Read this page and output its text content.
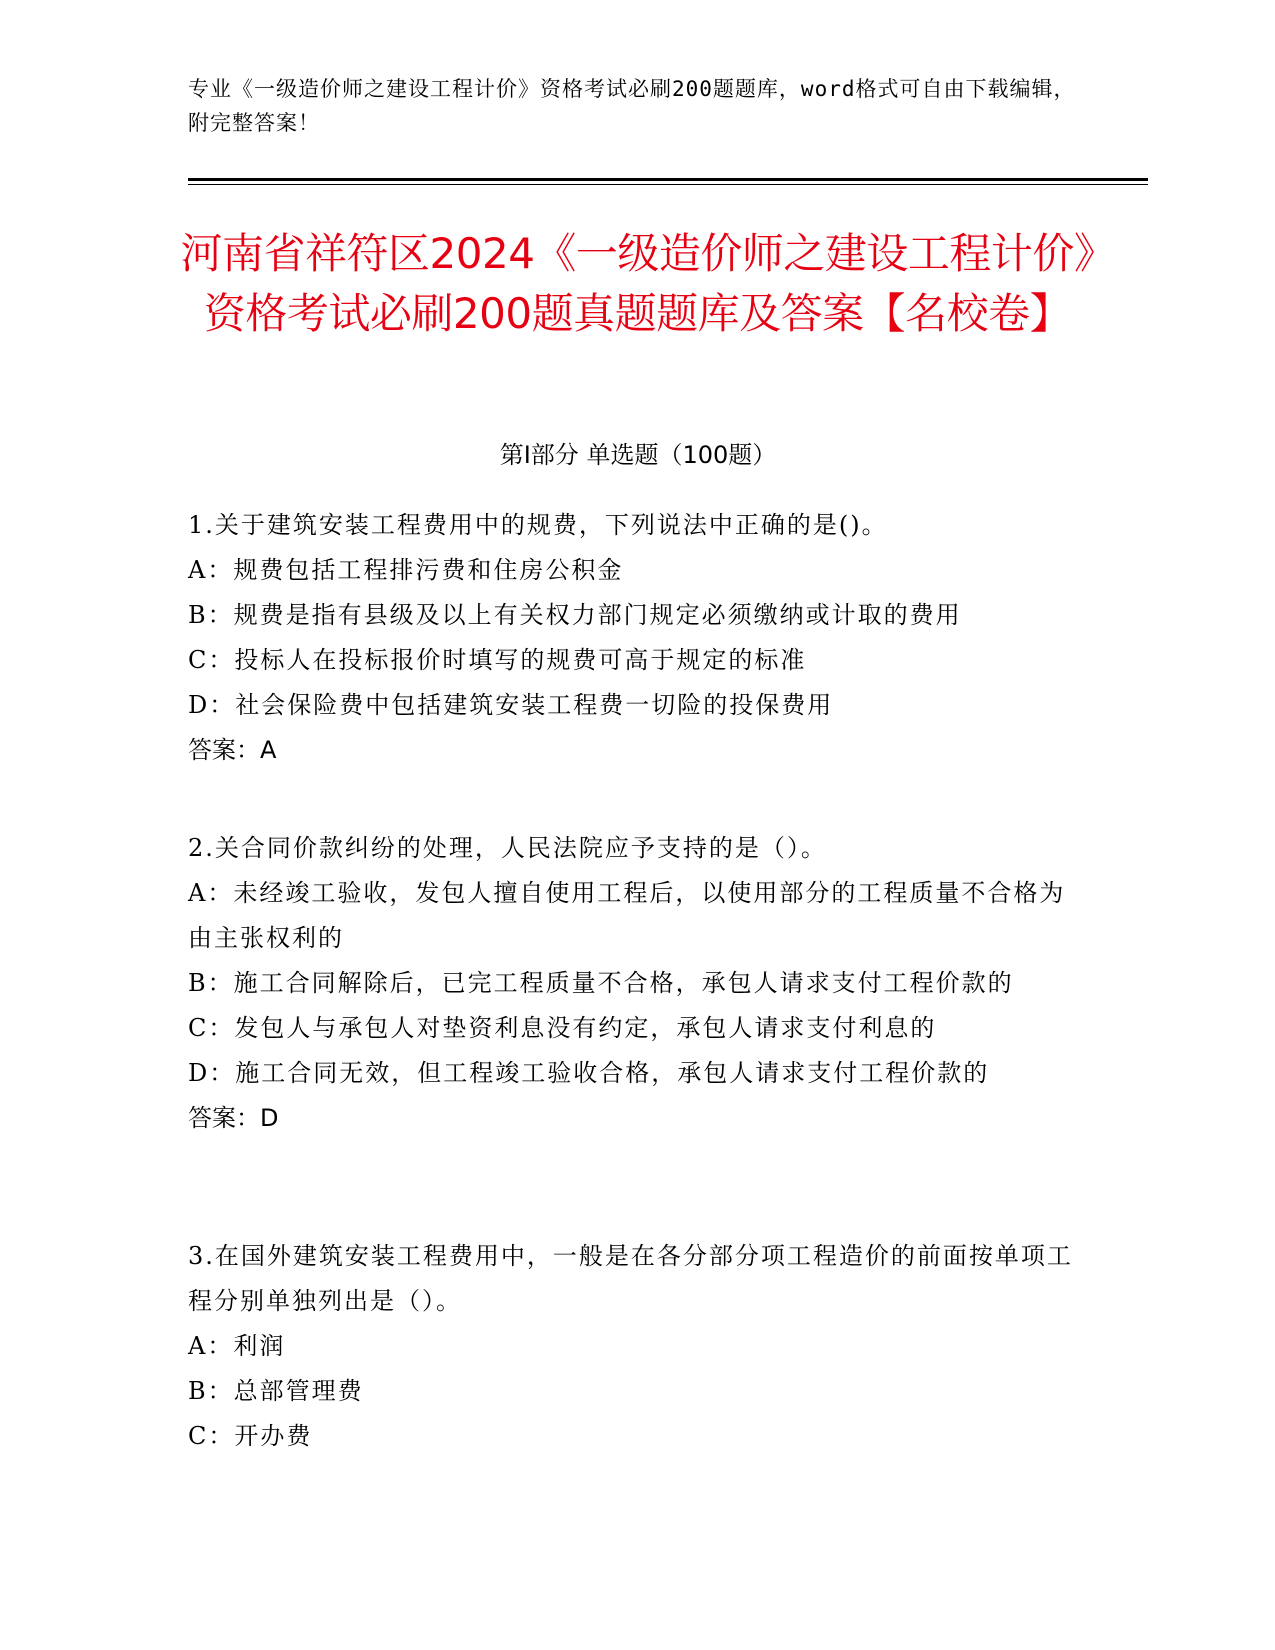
专业《一级造价师之建设工程计价》资格考试必刷200题题库，word格式可自由下载编辑，附完整答案！
河南省祥符区2024《一级造价师之建设工程计价》资格考试必刷200题真题题库及答案【名校卷】
第Ⅰ部分 单选题（100题）
1.关于建筑安装工程费用中的规费，下列说法中正确的是()。
A：规费包括工程排污费和住房公积金
B：规费是指有县级及以上有关权力部门规定必须缴纳或计取的费用
C：投标人在投标报价时填写的规费可高于规定的标准
D：社会保险费中包括建筑安装工程费一切险的投保费用
答案：A
2.关合同价款纠纷的处理，人民法院应予支持的是（）。
A：未经竣工验收，发包人擅自使用工程后，以使用部分的工程质量不合格为由主张权利的
B：施工合同解除后，已完工程质量不合格，承包人请求支付工程价款的
C：发包人与承包人对垫资利息没有约定，承包人请求支付利息的
D：施工合同无效，但工程竣工验收合格，承包人请求支付工程价款的
答案：D
3.在国外建筑安装工程费用中，一般是在各分部分项工程造价的前面按单项工程分别单独列出是（）。
A：利润
B：总部管理费
C：开办费
